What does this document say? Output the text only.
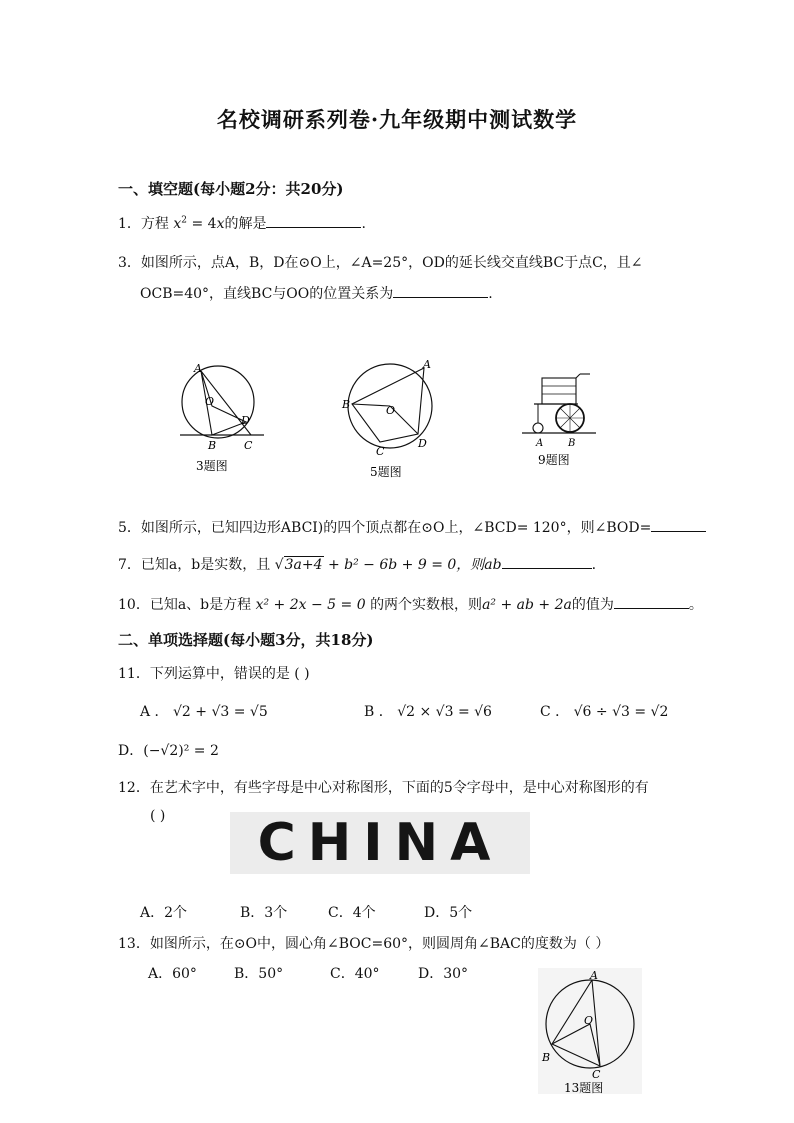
名校调研系列卷·九年级期中测试数学
一、填空题(每小题2分：共20分)
1．方程 $x^2 = 4x$的解是	.
3．如图所示，点A，B，D在⊙O上，∠A=25°，OD的延长线交直线BC于点C，且∠
OCB=40°，直线BC与OO的位置关系为	.
A
O
D
B	C
3题图
A
B	O
C
D
5题图
A B
9题图
5．如图所示，已知四边形ABCI)的四个顶点都在⊙O上，∠BCD= 120°，则∠BOD=
7．已知a，b是实数，且 √3a+4 + b² − 6b + 9 = 0，则ab	.
10．已知a、b是方程 x² + 2x − 5 = 0 的两个实数根，则a² + ab + 2a的值为	。
二、单项选择题(每小题3分，共18分)
11．下列运算中，错误的是 ( )
A ． √2 + √3 = √5	B ． √2 × √3 = √6	C ． √6 ÷ √3 = √2
D．(−√2)² = 2
12．在艺术字中，有些字母是中心对称图形，下面的5令字母中，是中心对称图形的有
( )	CHINA
A．2个	B．3个	C．4个	D．5个
13．如图所示，在⊙O中，圆心角∠BOC=60°，则圆周角∠BAC的度数为（ ）
A．60°	B．50°	C．40°	D．30°	A
O
B
C
13题图
